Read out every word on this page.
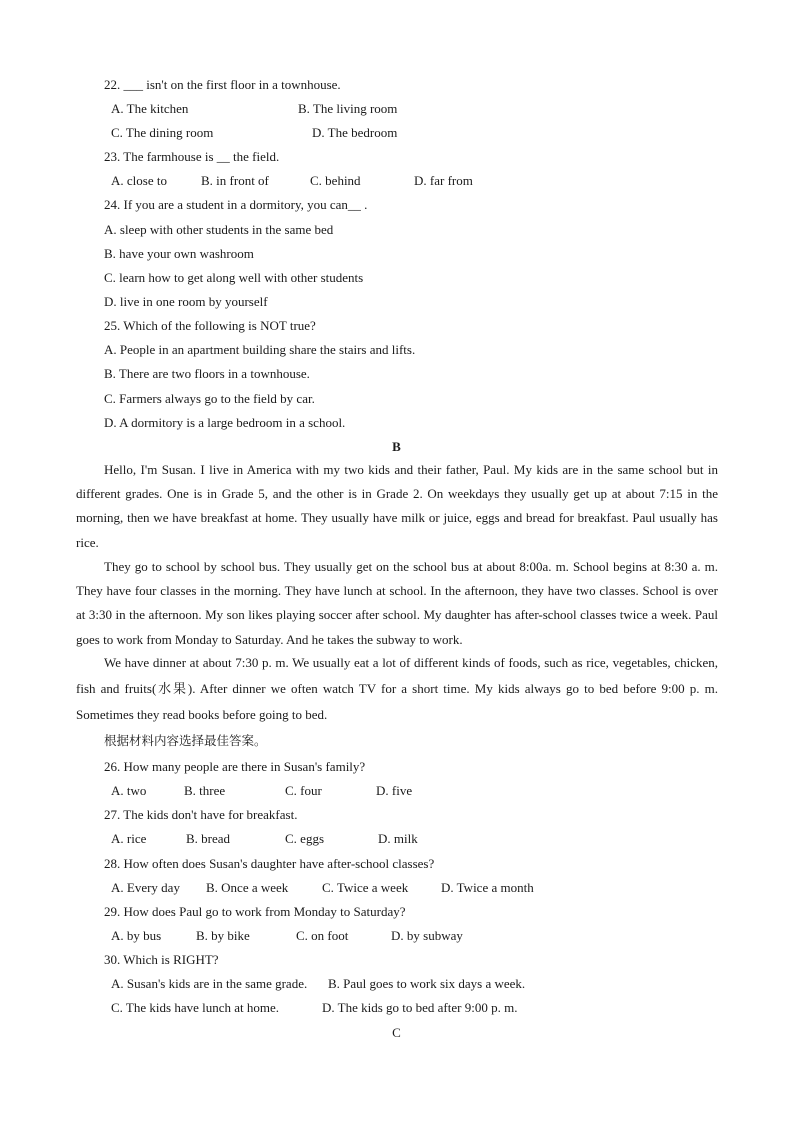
22. ___ isn't on the first floor in a townhouse.
A. The kitchen	B. The living room
C. The dining room	D. The bedroom
23. The farmhouse is __ the field.
A. close to	B. in front of	C. behind	D. far from
24. If you are a student in a dormitory, you can__ .
A. sleep with other students in the same bed
B. have your own washroom
C. learn how to get along well with other students
D. live in one room by yourself
25. Which of the following is NOT true?
A. People in an apartment building share the stairs and lifts.
B. There are two floors in a townhouse.
C. Farmers always go to the field by car.
D. A dormitory is a large bedroom in a school.
B
Hello, I'm Susan. I live in America with my two kids and their father, Paul. My kids are in the same school but in different grades. One is in Grade 5, and the other is in Grade 2. On weekdays they usually get up at about 7:15 in the morning, then we have breakfast at home. They usually have milk or juice, eggs and bread for breakfast. Paul usually has rice.
They go to school by school bus. They usually get on the school bus at about 8:00a. m. School begins at 8:30 a. m. They have four classes in the morning. They have lunch at school. In the afternoon, they have two classes. School is over at 3:30 in the afternoon. My son likes playing soccer after school. My daughter has after-school classes twice a week. Paul goes to work from Monday to Saturday. And he takes the subway to work.
We have dinner at about 7:30 p. m. We usually eat a lot of different kinds of foods, such as rice, vegetables, chicken, fish and fruits(水果). After dinner we often watch TV for a short time. My kids always go to bed before 9:00 p. m. Sometimes they read books before going to bed.
根据材料内容选择最佳答案。
26. How many people are there in Susan's family?
A. two	B. three	C. four	D. five
27. The kids don't have for breakfast.
A. rice	B. bread	C. eggs	D. milk
28. How often does Susan's daughter have after-school classes?
A. Every day B. Once a week	C. Twice a week	D. Twice a month
29. How does Paul go to work from Monday to Saturday?
A. by bus	B. by bike	C. on foot	D. by subway
30. Which is RIGHT?
A. Susan's kids are in the same grade. B. Paul goes to work six days a week.
C. The kids have lunch at home.	D. The kids go to bed after 9:00 p. m.
C
